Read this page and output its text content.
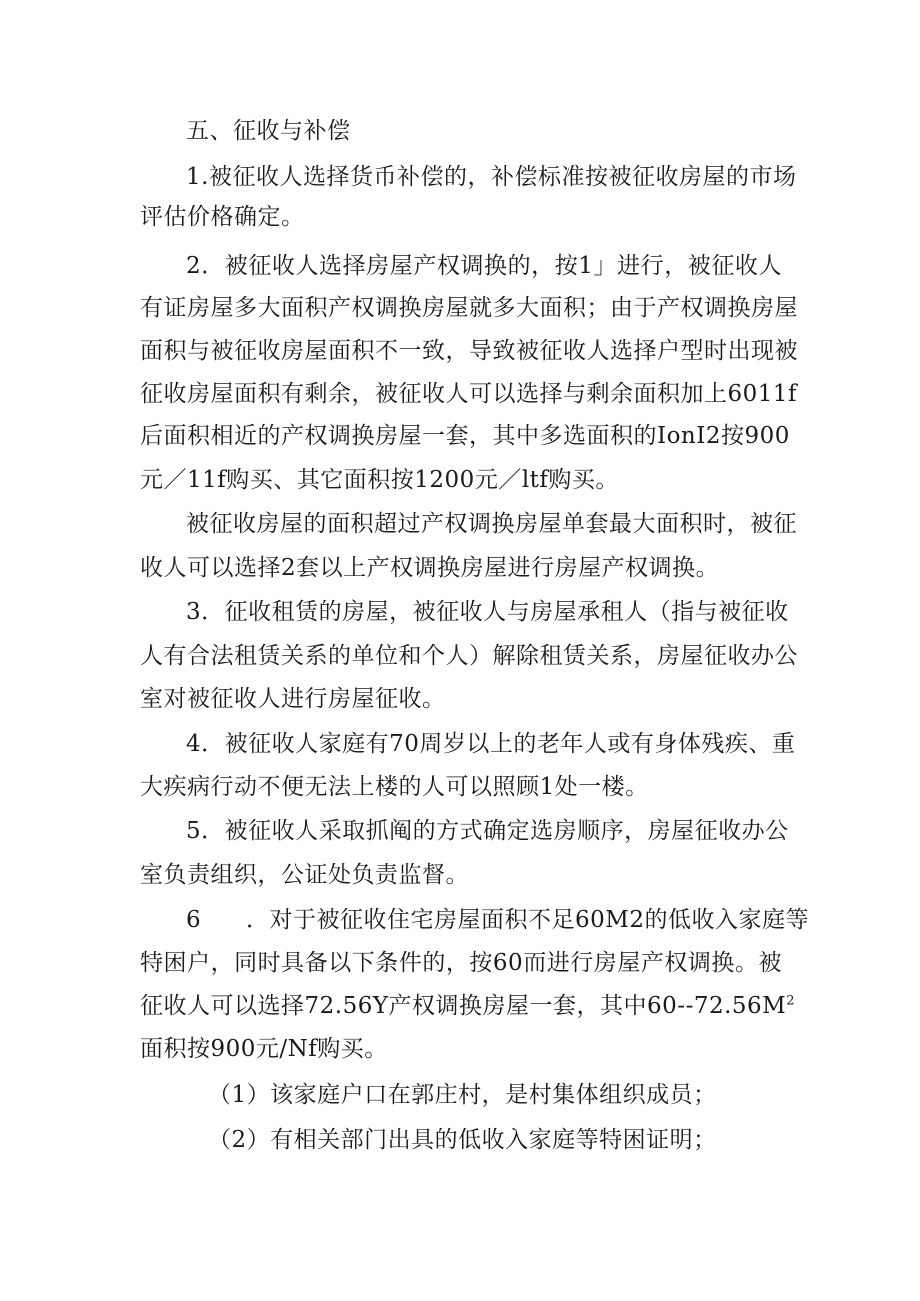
五、征收与补偿
1.被征收人选择货币补偿的，补偿标准按被征收房屋的市场
评估价格确定。
2．被征收人选择房屋产权调换的，按1」进行，被征收人
有证房屋多大面积产权调换房屋就多大面积；由于产权调换房屋
面积与被征收房屋面积不一致，导致被征收人选择户型时出现被
征收房屋面积有剩余，被征收人可以选择与剩余面积加上6011f
后面积相近的产权调换房屋一套，其中多选面积的IonI2按900
元／11f购买、其它面积按1200元／ltf购买。
被征收房屋的面积超过产权调换房屋单套最大面积时，被征
收人可以选择2套以上产权调换房屋进行房屋产权调换。
3．征收租赁的房屋，被征收人与房屋承租人（指与被征收
人有合法租赁关系的单位和个人）解除租赁关系，房屋征收办公
室对被征收人进行房屋征收。
4．被征收人家庭有70周岁以上的老年人或有身体残疾、重
大疾病行动不便无法上楼的人可以照顾1处一楼。
5．被征收人采取抓阄的方式确定选房顺序，房屋征收办公
室负责组织，公证处负责监督。
6 ．对于被征收住宅房屋面积不足60M2的低收入家庭等
特困户，同时具备以下条件的，按60而进行房屋产权调换。被
征收人可以选择72.56Y产权调换房屋一套，其中$60--72.56M^2$
面积按900元/Nf购买。
（1）该家庭户口在郭庄村，是村集体组织成员；
（2）有相关部门出具的低收入家庭等特困证明；
